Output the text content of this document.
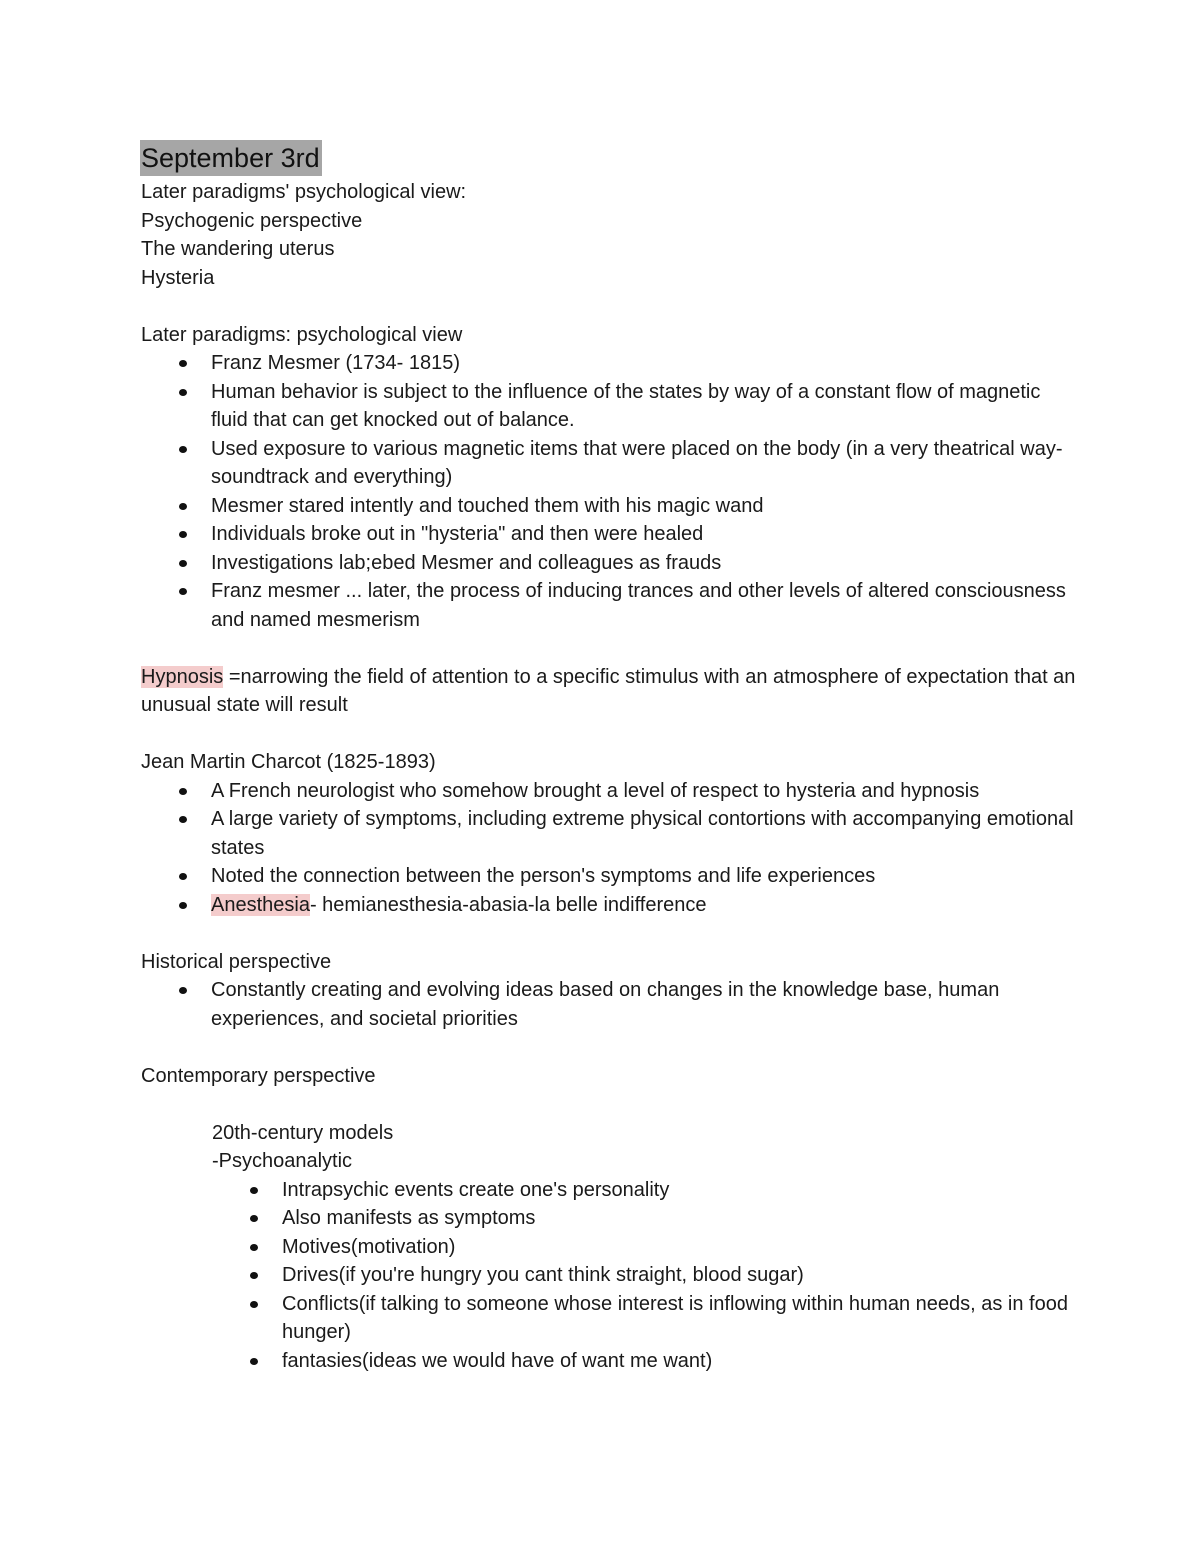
September 3rd
Later paradigms' psychological view:
Psychogenic perspective
The wandering uterus
Hysteria
Later paradigms: psychological view
Franz Mesmer (1734- 1815)
Human behavior is subject to the influence of the states by way of a constant flow of magnetic fluid that can get knocked out of balance.
Used exposure to various magnetic items that were placed on the body (in a very theatrical way- soundtrack and everything)
Mesmer stared intently and touched them with his magic wand
Individuals broke out in "hysteria" and then were healed
Investigations lab;ebed Mesmer and colleagues as frauds
Franz mesmer ... later, the process of inducing trances and other levels of altered consciousness and named mesmerism
Hypnosis =narrowing the field of attention to a specific stimulus with an atmosphere of expectation that an unusual state will result
Jean Martin Charcot (1825-1893)
A French neurologist who somehow brought a level of respect to hysteria and hypnosis
A large variety of symptoms, including extreme physical contortions with accompanying emotional states
Noted the connection between the person's symptoms and life experiences
Anesthesia- hemianesthesia-abasia-la belle indifference
Historical perspective
Constantly creating and evolving ideas based on changes in the knowledge base, human experiences, and societal priorities
Contemporary perspective
20th-century models
-Psychoanalytic
Intrapsychic events create one's personality
Also manifests as symptoms
Motives(motivation)
Drives(if you're hungry you cant think straight, blood sugar)
Conflicts(if talking to someone whose interest is inflowing within human needs, as in food hunger)
fantasies(ideas we would have of want me want)
